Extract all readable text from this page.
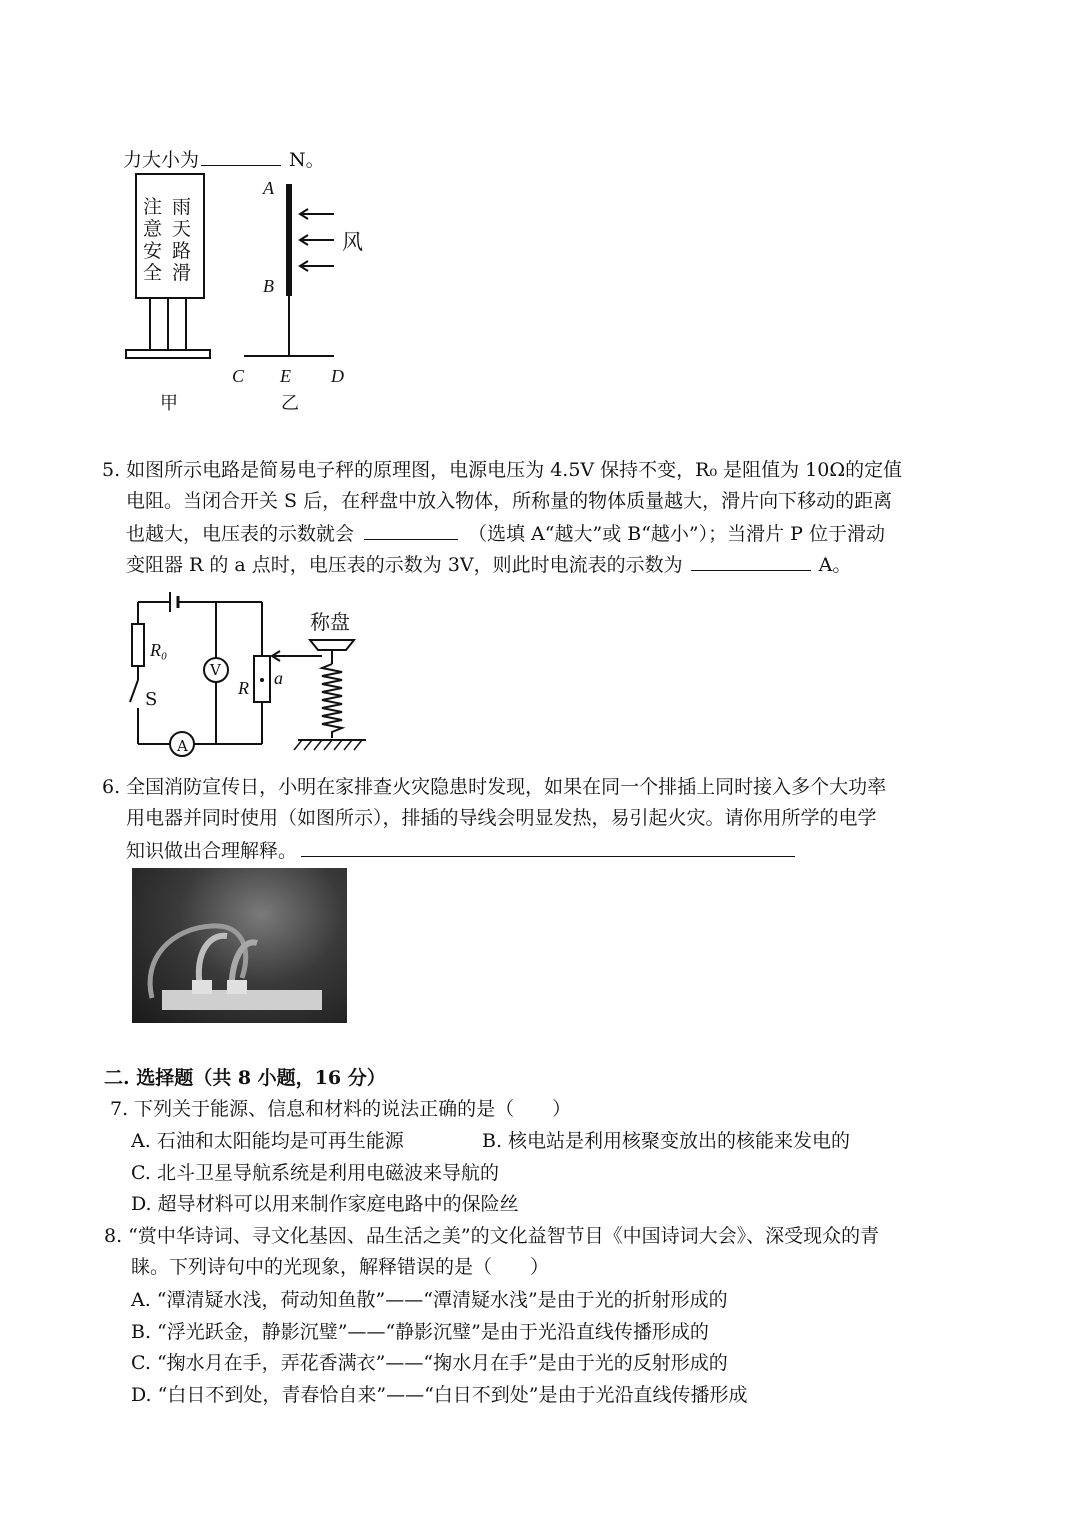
力大小为	N。
雨天路滑
注意安全
甲
A
B
风
C E D
乙
5. 如图所示电路是简易电子秤的原理图，电源电压为 4.5V 保持不变，R₀ 是阻值为 10Ω的定值
电阻。当闭合开关 S 后，在秤盘中放入物体，所称量的物体质量越大，滑片向下移动的距离
也越大，电压表的示数就会	（选填 A“越大”或 B“越小”）；当滑片 P 位于滑动
变阻器 R 的 a 点时，电压表的示数为 3V，则此时电流表的示数为	A。
R₀
V
R a
S
A
称盘
6. 全国消防宣传日，小明在家排查火灾隐患时发现，如果在同一个排插上同时接入多个大功率
用电器并同时使用（如图所示），排插的导线会明显发热，易引起火灾。请你用所学的电学
知识做出合理解释。
二. 选择题（共 8 小题，16 分）
7. 下列关于能源、信息和材料的说法正确的是（　　）
A. 石油和太阳能均是可再生能源	B. 核电站是利用核聚变放出的核能来发电的
C. 北斗卫星导航系统是利用电磁波来导航的
D. 超导材料可以用来制作家庭电路中的保险丝
8. “赏中华诗词、寻文化基因、品生活之美”的文化益智节目《中国诗词大会》、深受现众的青
睐。下列诗句中的光现象，解释错误的是（　　）
A. “潭清疑水浅，荷动知鱼散”——“潭清疑水浅”是由于光的折射形成的
B. “浮光跃金，静影沉璧”——“静影沉璧”是由于光沿直线传播形成的
C. “掬水月在手，弄花香满衣”——“掬水月在手”是由于光的反射形成的
D. “白日不到处，青春恰自来”——“白日不到处”是由于光沿直线传播形成
